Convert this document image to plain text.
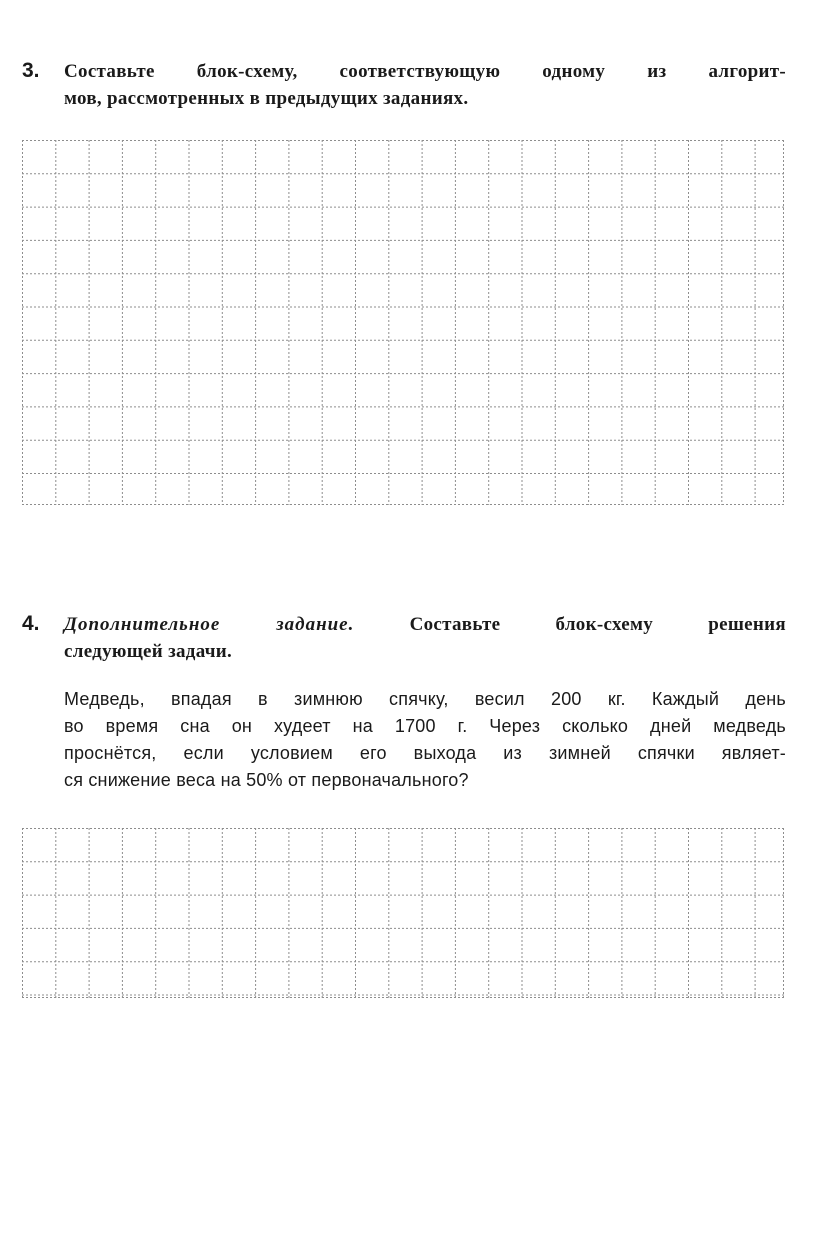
3. Составьте блок-схему, соответствующую одному из алгорит-
мов, рассмотренных в предыдущих заданиях.
4. Дополнительное задание.	Составьте блок-схему решения
следующей задачи.
Медведь, впадая в зимнюю спячку, весил 200 кг. Каждый день
во время сна он худеет на 1700 г. Через сколько дней медведь
проснётся, если условием его выхода из зимней спячки являет-
ся снижение веса на 50% от первоначального?
